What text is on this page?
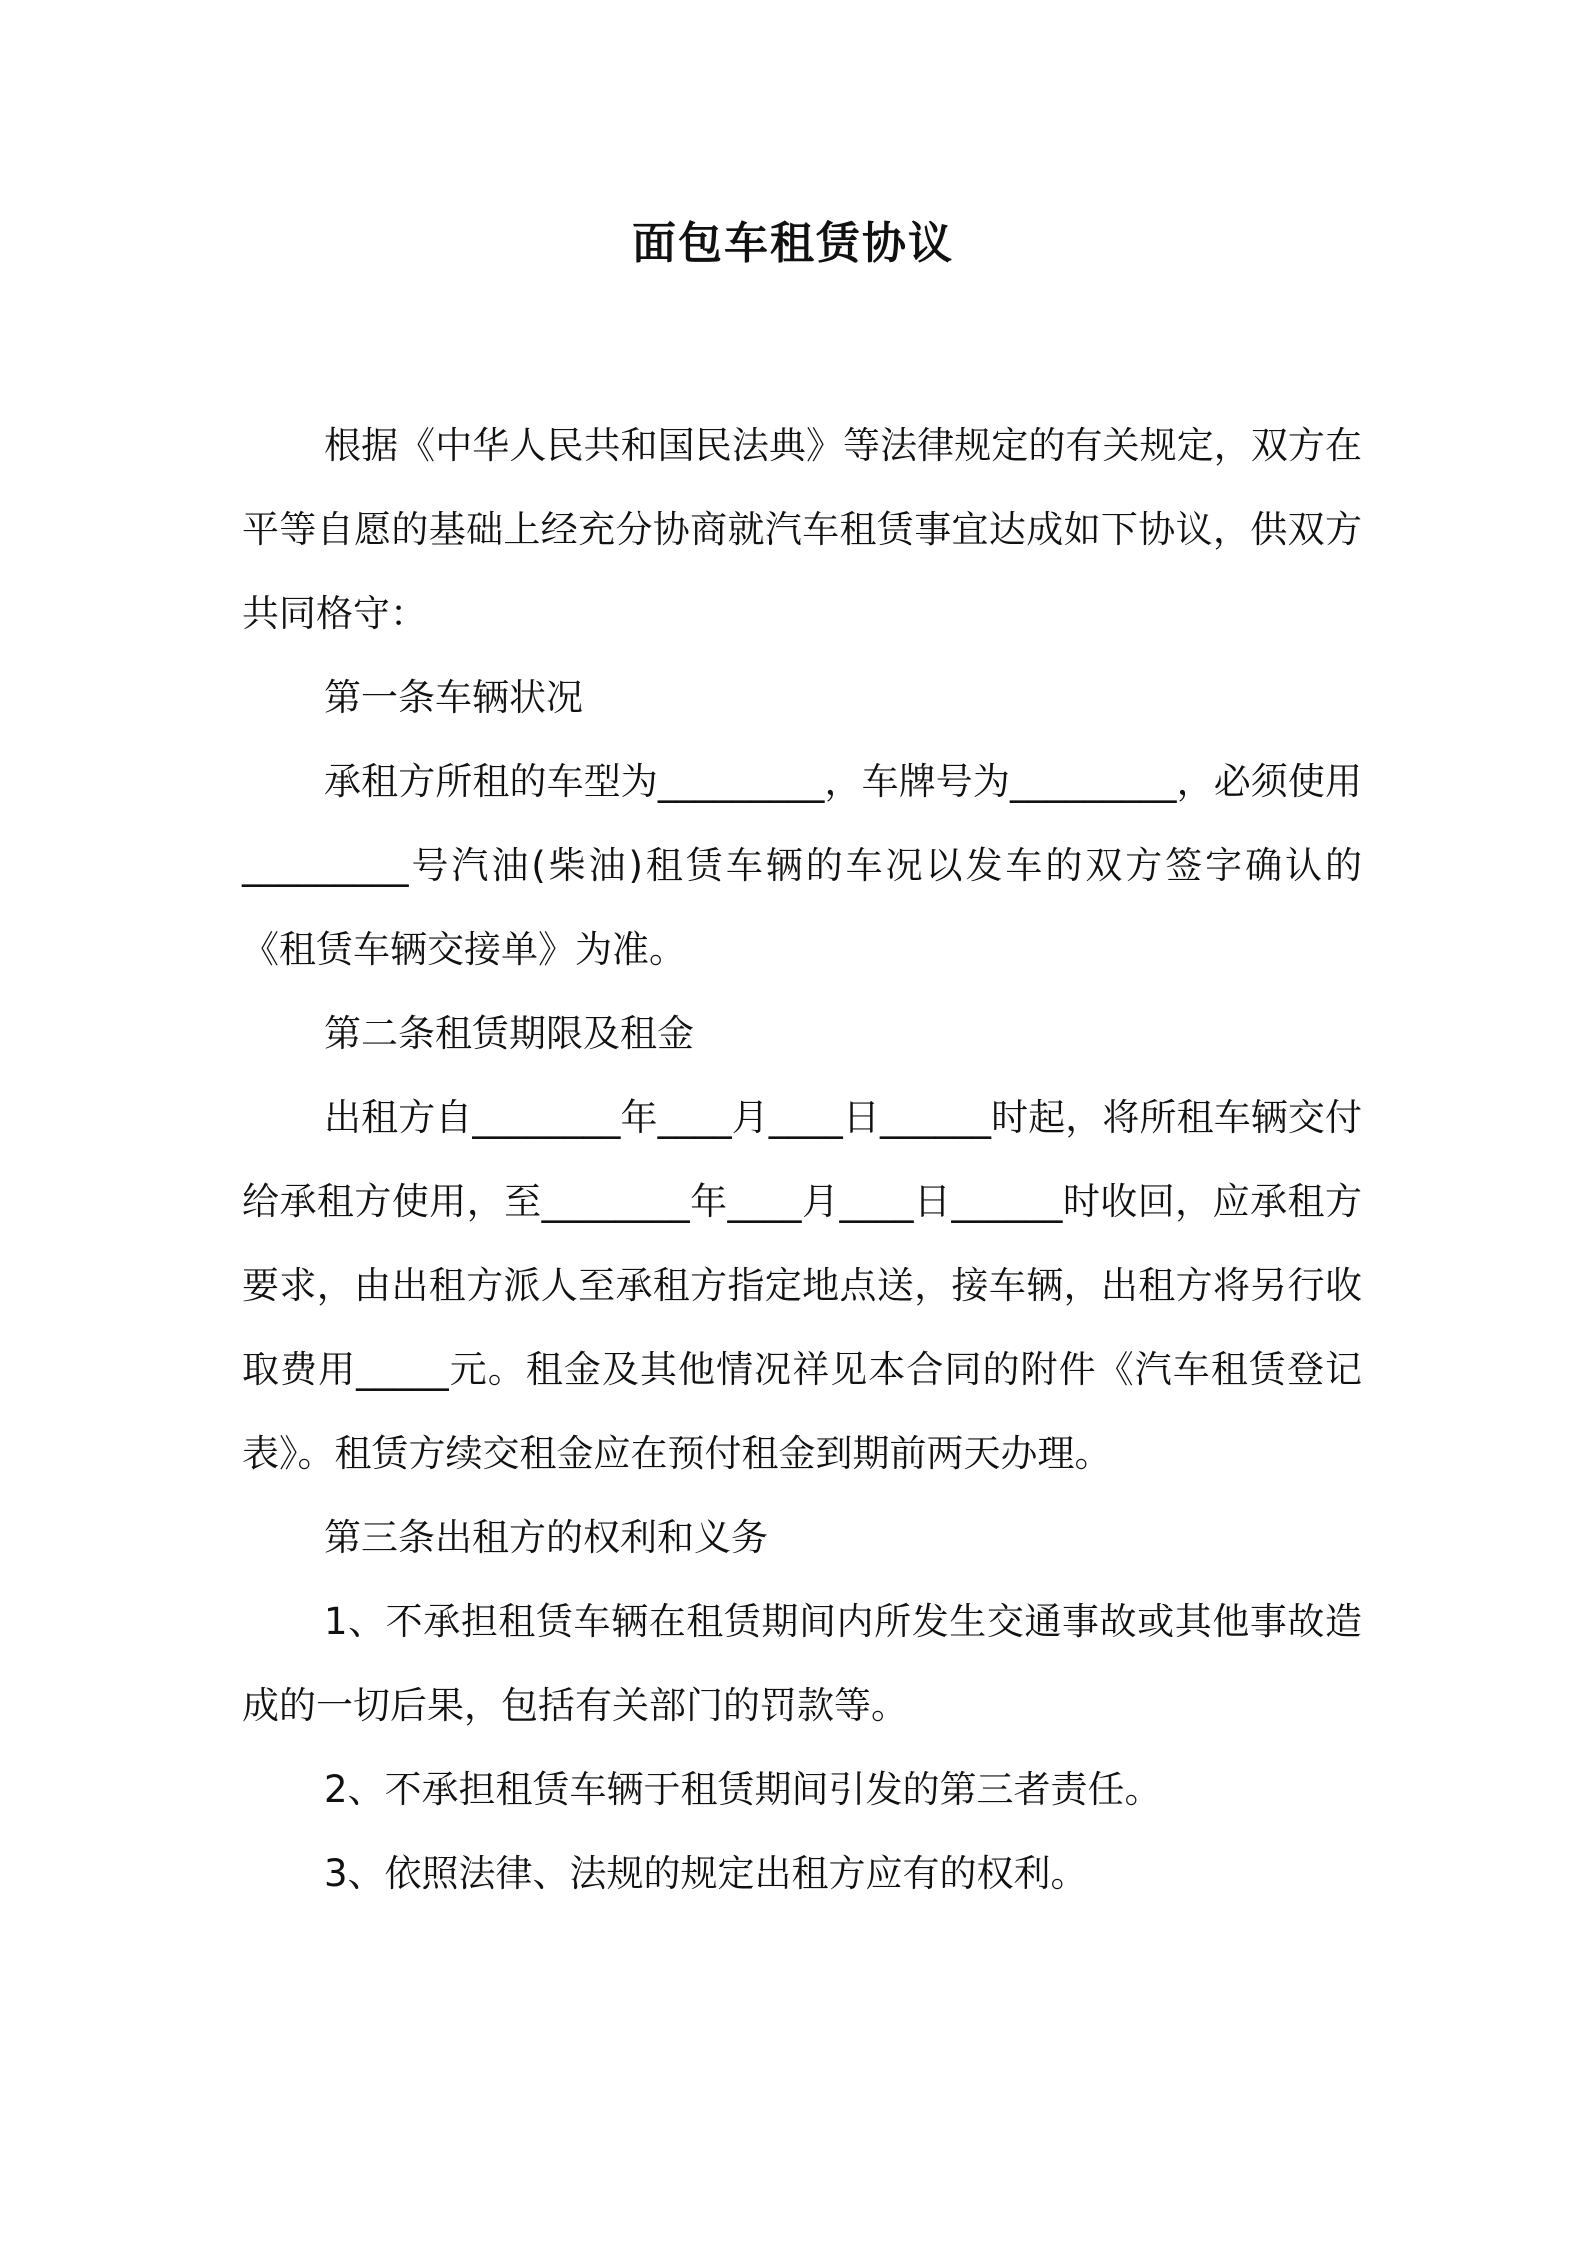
面包车租赁协议

根据《中华人民共和国民法典》等法律规定的有关规定，双方在平等自愿的基础上经充分协商就汽车租赁事宜达成如下协议，供双方共同格守：

第一条车辆状况

承租方所租的车型为_________，车牌号为_________，必须使用_________号汽油(柴油)租赁车辆的车况以发车的双方签字确认的《租赁车辆交接单》为准。

第二条租赁期限及租金

出租方自________年____月____日______时起，将所租车辆交付给承租方使用，至________年____月____日______时收回，应承租方要求，由出租方派人至承租方指定地点送，接车辆，出租方将另行收取费用_____元。租金及其他情况祥见本合同的附件《汽车租赁登记表》。租赁方续交租金应在预付租金到期前两天办理。

第三条出租方的权利和义务

1、不承担租赁车辆在租赁期间内所发生交通事故或其他事故造成的一切后果，包括有关部门的罚款等。

2、不承担租赁车辆于租赁期间引发的第三者责任。

3、依照法律、法规的规定出租方应有的权利。
